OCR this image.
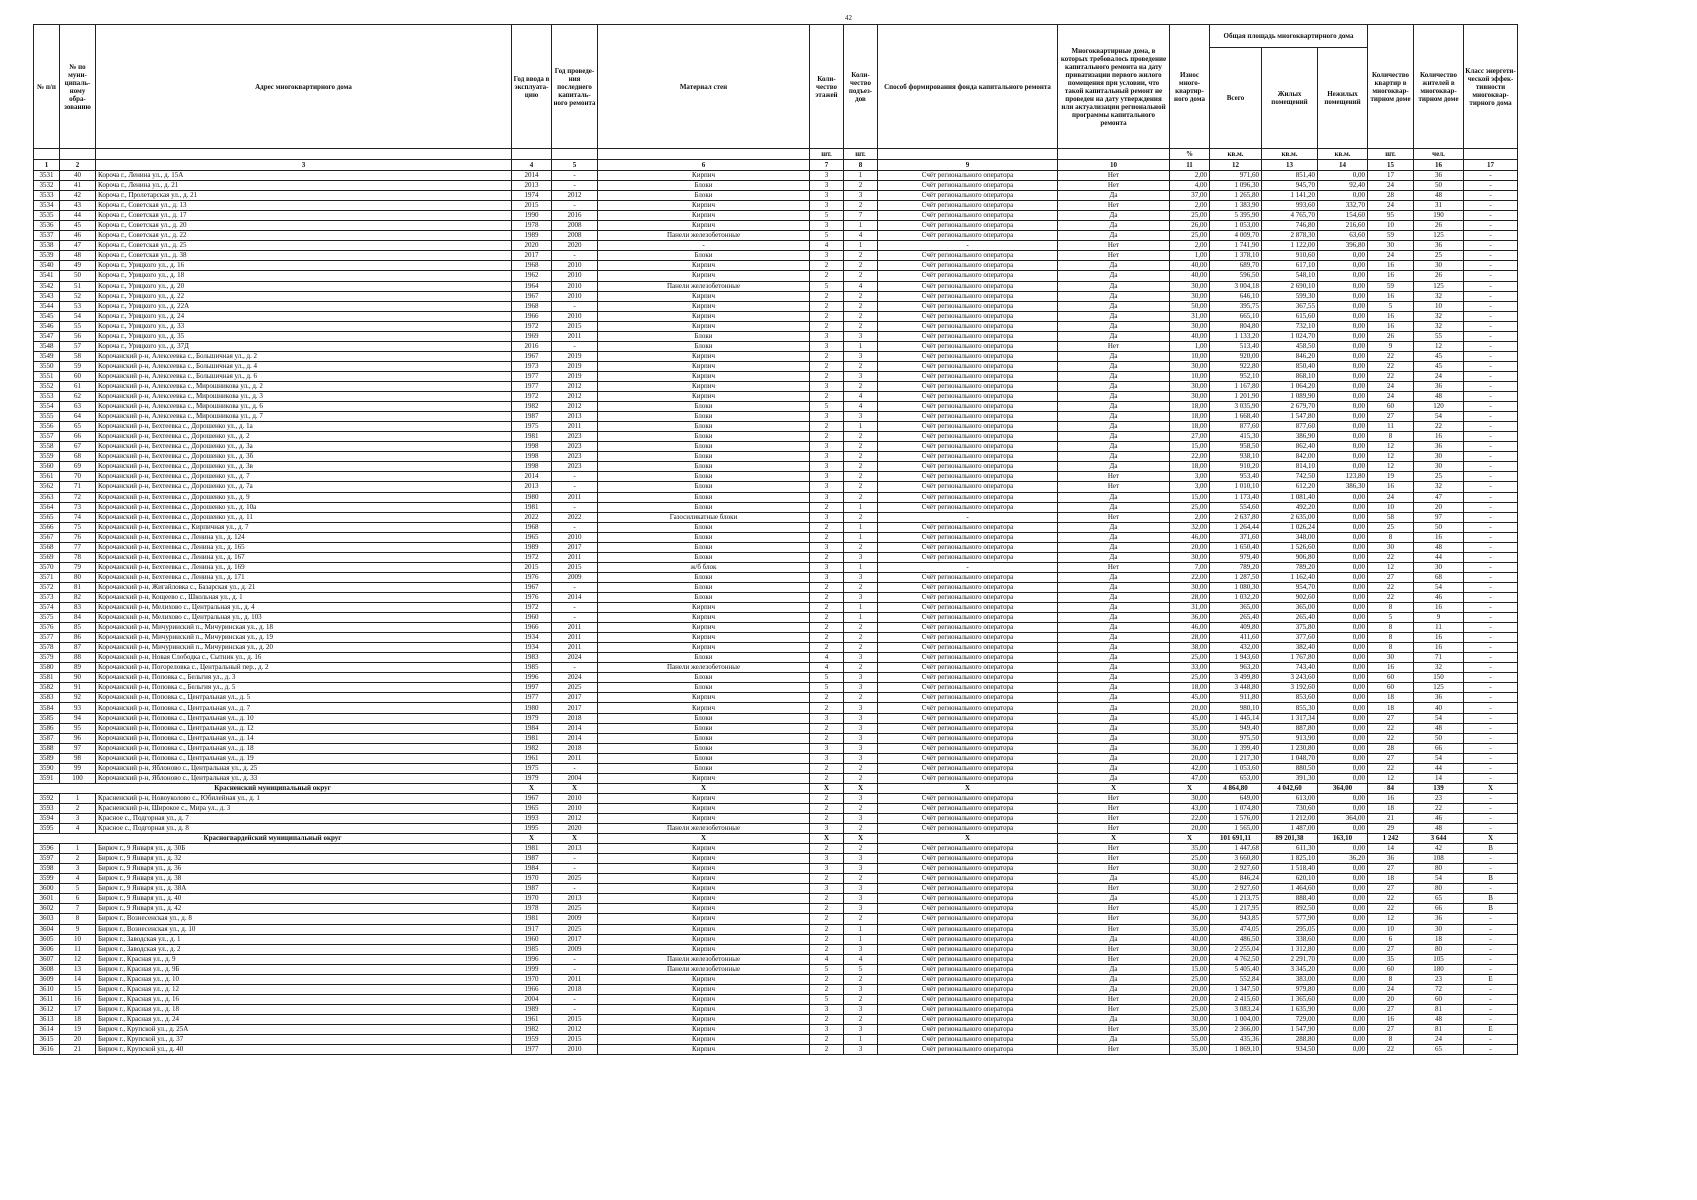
42
№ п/п	№ по муниципальному образованию	Адрес многоквартирного дома	Год ввода в эксплуатацию	Год проведения последнего капитального ремонта	Материал стен	Количество этажей	Количество подъездов	Способ формирования фонда капитального ремонта	Многоквартирные дома, в которых требовалось проведение капитального ремонта на дату приватизации первого жилого помещения при условии, что такой капитальный ремонт не проведен на дату утверждения или актуализации региональной программы капитального ремонта	Износ многоквартирного дома	Общая площадь многоквартирного дома			Количество квартир в многоквартирном доме	Количество жителей в многоквартирном доме	Класс энергетической эффективности многоквартирного дома
											Всего	Жилых помещений	Нежилых помещений			
						шт.	шт.			%	кв.м.	кв.м.	кв.м.	шт.	чел.	
1	2	3	4	5	6	7	8	9	10	11	12	13	14	15	16	17
3531	40	Короча г., Ленина ул., д. 15А	2014	-	Кирпич	3	1	Счёт регионального оператора	Нет	2,00	971,60	851,40	0,00	17	36	-
3532	41	Короча г., Ленина ул., д. 21	2013	-	Блоки	3	2	Счёт регионального оператора	Нет	4,00	1 096,30	945,70	92,40	24	50	-
3533	42	Короча г., Пролетарская ул., д. 21	1974	2012	Блоки	3	3	Счёт регионального оператора	Да	37,00	1 265,80	1 141,20	0,00	28	48	-
3534	43	Короча г., Советская ул., д. 13	2015	-	Кирпич	3	2	Счёт регионального оператора	Нет	2,00	1 383,90	993,60	332,70	24	31	-
3535	44	Короча г., Советская ул., д. 17	1990	2016	Кирпич	5	7	Счёт регионального оператора	Да	25,00	5 395,90	4 765,70	154,60	95	190	-
3536	45	Короча г., Советская ул., д. 20	1978	2008	Кирпич	3	1	Счёт регионального оператора	Да	26,00	1 053,00	746,80	216,60	10	26	-
3537	46	Короча г., Советская ул., д. 22	1989	2008	Панели железобетонные	5	4	Счёт регионального оператора	Да	25,00	4 009,70	2 878,30	63,60	59	125	-
3538	47	Короча г., Советская ул., д. 25	2020	2020	-	4	1	-	Нет	2,00	1 741,90	1 122,00	396,80	30	36	-
3539	48	Короча г., Советская ул., д. 38	2017	-	Блоки	3	2	Счёт регионального оператора	Нет	1,00	1 378,10	910,60	0,00	24	25	-
3540	49	Короча г., Урицкого ул., д. 16	1968	2010	Кирпич	2	2	Счёт регионального оператора	Да	40,00	689,70	617,10	0,00	16	30	-
3541	50	Короча г., Урицкого ул., д. 18	1962	2010	Кирпич	2	2	Счёт регионального оператора	Да	40,00	596,50	548,10	0,00	16	26	-
3542	51	Короча г., Урицкого ул., д. 20	1964	2010	Панели железобетонные	5	4	Счёт регионального оператора	Да	30,00	3 004,18	2 690,10	0,00	59	125	-
3543	52	Короча г., Урицкого ул., д. 22	1967	2010	Кирпич	2	2	Счёт регионального оператора	Да	30,00	646,10	599,30	0,00	16	32	-
3544	53	Короча г., Урицкого ул., д. 22А	1968	-	Кирпич	2	2	Счёт регионального оператора	Да	50,00	395,75	367,55	0,00	5	10	-
3545	54	Короча г., Урицкого ул., д. 24	1966	2010	Кирпич	2	2	Счёт регионального оператора	Да	31,00	665,10	615,60	0,00	16	32	-
3546	55	Короча г., Урицкого ул., д. 33	1972	2015	Кирпич	2	2	Счёт регионального оператора	Да	30,00	804,80	732,10	0,00	16	32	-
3547	56	Короча г., Урицкого ул., д. 35	1969	2011	Блоки	3	3	Счёт регионального оператора	Да	40,00	1 133,20	1 024,70	0,00	26	55	-
3548	57	Короча г., Урицкого ул., д. 37Д	2016	-	Блоки	3	1	Счёт регионального оператора	Нет	1,00	513,40	458,50	0,00	9	12	-
3549	58	Корочанский р-н, Алексеевка с., Большичная ул., д. 2	1967	2019	Кирпич	2	3	Счёт регионального оператора	Да	10,00	920,00	846,20	0,00	22	45	-
3550	59	Корочанский р-н, Алексеевка с., Большичная ул., д. 4	1973	2019	Кирпич	2	2	Счёт регионального оператора	Да	30,00	922,80	850,40	0,00	22	45	-
3551	60	Корочанский р-н, Алексеевка с., Большичная ул., д. 6	1977	2019	Кирпич	2	3	Счёт регионального оператора	Да	10,00	952,10	868,10	0,00	22	24	-
3552	61	Корочанский р-н, Алексеевка с., Мирошникова ул., д. 2	1977	2012	Кирпич	3	2	Счёт регионального оператора	Да	30,00	1 167,80	1 064,20	0,00	24	36	-
3553	62	Корочанский р-н, Алексеевка с., Мирошникова ул., д. 3	1972	2012	Кирпич	2	4	Счёт регионального оператора	Да	30,00	1 201,90	1 089,90	0,00	24	48	-
3554	63	Корочанский р-н, Алексеевка с., Мирошникова ул., д. 6	1982	2012	Блоки	5	4	Счёт регионального оператора	Да	18,00	3 035,90	2 679,70	0,00	60	120	-
3555	64	Корочанский р-н, Алексеевка с., Мирошникова ул., д. 7	1987	2013	Блоки	3	3	Счёт регионального оператора	Да	18,00	1 668,40	1 547,80	0,00	27	54	-
3556	65	Корочанский р-н, Бехтеевка с., Дорошенко ул., д. 1а	1975	2011	Блоки	2	1	Счёт регионального оператора	Да	18,00	877,60	877,60	0,00	11	22	-
3557	66	Корочанский р-н, Бехтеевка с., Дорошенко ул., д. 2	1981	2023	Блоки	2	2	Счёт регионального оператора	Да	27,00	415,30	386,90	0,00	8	16	-
3558	67	Корочанский р-н, Бехтеевка с., Дорошенко ул., д. 3а	1998	2023	Блоки	3	2	Счёт регионального оператора	Да	15,00	958,50	862,40	0,00	12	36	-
3559	68	Корочанский р-н, Бехтеевка с., Дорошенко ул., д. 3б	1998	2023	Блоки	3	2	Счёт регионального оператора	Да	22,00	938,10	842,00	0,00	12	30	-
3560	69	Корочанский р-н, Бехтеевка с., Дорошенко ул., д. 3в	1998	2023	Блоки	3	2	Счёт регионального оператора	Да	18,00	910,20	814,10	0,00	12	30	-
3561	70	Корочанский р-н, Бехтеевка с., Дорошенко ул., д. 7	2014	-	Блоки	3	2	Счёт регионального оператора	Нет	3,00	953,40	742,50	123,80	19	25	-
3562	71	Корочанский р-н, Бехтеевка с., Дорошенко ул., д. 7а	2013	-	Блоки	3	2	Счёт регионального оператора	Нет	3,00	1 010,10	612,20	386,30	16	32	-
3563	72	Корочанский р-н, Бехтеевка с., Дорошенко ул., д. 9	1980	2011	Блоки	3	2	Счёт регионального оператора	Да	15,00	1 173,40	1 081,40	0,00	24	47	-
3564	73	Корочанский р-н, Бехтеевка с., Дорошенко ул., д. 10а	1981	-	Блоки	2	1	Счёт регионального оператора	Да	25,00	554,60	492,20	0,00	10	20	-
3565	74	Корочанский р-н, Бехтеевка с., Дорошенко ул., д. 11	2022	2022	Газосиликатные блоки	3	2	-	Нет	2,00	2 637,80	2 635,00	0,00	58	97	-
3566	75	Корочанский р-н, Бехтеевка с., Кирпичная ул., д. 7	1968	-	Блоки	2	1	Счёт регионального оператора	Да	32,00	1 264,44	1 026,24	0,00	25	50	-
3567	76	Корочанский р-н, Бехтеевка с., Ленина ул., д. 124	1965	2010	Блоки	2	1	Счёт регионального оператора	Да	46,00	371,60	348,00	0,00	8	16	-
3568	77	Корочанский р-н, Бехтеевка с., Ленина ул., д. 165	1989	2017	Блоки	3	2	Счёт регионального оператора	Да	20,00	1 650,40	1 526,60	0,00	30	48	-
3569	78	Корочанский р-н, Бехтеевка с., Ленина ул., д. 167	1972	2011	Блоки	2	3	Счёт регионального оператора	Да	30,00	979,40	906,80	0,00	22	44	-
3570	79	Корочанский р-н, Бехтеевка с., Ленина ул., д. 169	2015	2015	ж/б блок	3	1	-	Нет	7,00	789,20	789,20	0,00	12	30	-
3571	80	Корочанский р-н, Бехтеевка с., Ленина ул., д. 171	1976	2009	Блоки	3	3	Счёт регионального оператора	Да	22,00	1 287,50	1 162,40	0,00	27	68	-
3572	81	Корочанский р-н, Жигайловка с., Базарская ул., д. 21	1967	-	Блоки	2	2	Счёт регионального оператора	Да	30,00	1 080,30	954,70	0,00	22	54	-
3573	82	Корочанский р-н, Кощеево с., Школьная ул., д. 1	1976	2014	Блоки	2	3	Счёт регионального оператора	Да	28,00	1 032,20	902,60	0,00	22	46	-
3574	83	Корочанский р-н, Мелихово с., Центральная ул., д. 4	1972	-	Кирпич	2	1	Счёт регионального оператора	Да	31,00	365,00	365,00	0,00	8	16	-
3575	84	Корочанский р-н, Мелихово с., Центральная ул., д. 103	1960	-	Кирпич	2	1	Счёт регионального оператора	Да	36,00	265,40	265,40	0,00	5	9	-
3576	85	Корочанский р-н, Мичуринский п., Мичуринская ул., д. 18	1966	2011	Кирпич	2	2	Счёт регионального оператора	Да	46,00	409,80	375,80	0,00	8	11	-
3577	86	Корочанский р-н, Мичуринский п., Мичуринская ул., д. 19	1934	2011	Кирпич	2	2	Счёт регионального оператора	Да	28,00	411,60	377,60	0,00	8	16	-
3578	87	Корочанский р-н, Мичуринский п., Мичуринская ул., д. 20	1934	2011	Кирпич	2	2	Счёт регионального оператора	Да	38,00	432,00	382,40	0,00	8	16	-
3579	88	Корочанский р-н, Новая Слободка с., Сытник ул., д. 16	1983	2024	Блоки	4	3	Счёт регионального оператора	Да	25,00	1 943,60	1 767,80	0,00	30	71	-
3580	89	Корочанский р-н, Погореловка с., Центральный пер., д. 2	1985	-	Панели железобетонные	4	2	Счёт регионального оператора	Да	33,00	963,20	743,40	0,00	16	32	-
3581	90	Корочанский р-н, Поповка с., Бельгия ул., д. 3	1996	2024	Блоки	5	3	Счёт регионального оператора	Да	25,00	3 499,80	3 243,60	0,00	60	150	-
3582	91	Корочанский р-н, Поповка с., Бельгия ул., д. 5	1997	2025	Блоки	5	3	Счёт регионального оператора	Да	18,00	3 448,80	3 192,60	0,00	60	125	-
3583	92	Корочанский р-н, Поповка с., Центральная ул., д. 5	1977	2017	Кирпич	2	2	Счёт регионального оператора	Да	45,00	911,80	853,60	0,00	18	36	-
3584	93	Корочанский р-н, Поповка с., Центральная ул., д. 7	1980	2017	Кирпич	2	3	Счёт регионального оператора	Да	20,00	980,10	855,30	0,00	18	40	-
3585	94	Корочанский р-н, Поповка с., Центральная ул., д. 10	1979	2018	Блоки	3	3	Счёт регионального оператора	Да	45,00	1 445,14	1 317,34	0,00	27	54	-
3586	95	Корочанский р-н, Поповка с., Центральная ул., д. 12	1984	2014	Блоки	2	3	Счёт регионального оператора	Да	35,00	949,40	887,80	0,00	22	48	-
3587	96	Корочанский р-н, Поповка с., Центральная ул., д. 14	1981	2014	Блоки	2	3	Счёт регионального оператора	Да	30,00	975,50	913,90	0,00	22	50	-
3588	97	Корочанский р-н, Поповка с., Центральная ул., д. 18	1982	2018	Блоки	3	3	Счёт регионального оператора	Да	36,00	1 399,40	1 230,80	0,00	28	66	-
3589	98	Корочанский р-н, Поповка с., Центральная ул., д. 19	1961	2011	Блоки	3	3	Счёт регионального оператора	Да	20,00	1 217,30	1 048,70	0,00	27	54	-
3590	99	Корочанский р-н, Яблоново с., Центральная ул., д. 25	1975	-	Блоки	2	2	Счёт регионального оператора	Да	42,00	1 053,60	880,50	0,00	22	44	-
3591	100	Корочанский р-н, Яблоново с., Центральная ул., д. 33	1979	2004	Кирпич	2	2	Счёт регионального оператора	Да	47,00	653,00	391,30	0,00	12	14	-
Красненский муниципальный округ			X	X	X	X	X	X	X	X	4 864,80	4 042,60	364,00	84	139	X
3592	1	Красненский р-н, Новоуколово с., Юбилейная ул., д. 1	1967	2010	Кирпич	2	3	Счёт регионального оператора	Нет	30,00	649,00	613,00	0,00	16	23	-
3593	2	Красненский р-н, Широкое с., Мира ул., д. 3	1965	2010	Кирпич	2	2	Счёт регионального оператора	Нет	43,00	1 074,80	730,60	0,00	18	22	-
3594	3	Красное с., Подгорная ул., д. 7	1993	2012	Кирпич	2	3	Счёт регионального оператора	Нет	22,00	1 576,00	1 212,00	364,00	21	46	-
3595	4	Красное с., Подгорная ул., д. 8	1995	2020	Панели железобетонные	3	2	Счёт регионального оператора	Нет	20,00	1 565,00	1 487,00	0,00	29	48	-
Красногвардейский муниципальный округ			X	X	X	X	X	X	X	X	101 691,11	89 201,38	163,10	1 242	3 644	X
3596	1	Бирюч г., 9 Января ул., д. 30Б	1981	2013	Кирпич	2	2	Счёт регионального оператора	Нет	35,00	1 447,68	611,30	0,00	14	42	В
3597	2	Бирюч г., 9 Января ул., д. 32	1987	-	Кирпич	3	3	Счёт регионального оператора	Нет	25,00	3 660,80	1 825,10	36,20	36	108	-
3598	3	Бирюч г., 9 Января ул., д. 36	1984	-	Кирпич	3	3	Счёт регионального оператора	Нет	30,00	2 927,60	1 518,40	0,00	27	80	-
3599	4	Бирюч г., 9 Января ул., д. 38	1970	2025	Кирпич	2	2	Счёт регионального оператора	Да	45,00	846,24	620,10	0,00	18	54	В
3600	5	Бирюч г., 9 Января ул., д. 38А	1987	-	Кирпич	3	3	Счёт регионального оператора	Нет	30,00	2 927,60	1 464,60	0,00	27	80	-
3601	6	Бирюч г., 9 Января ул., д. 40	1970	2013	Кирпич	2	3	Счёт регионального оператора	Да	45,00	1 213,75	888,40	0,00	22	65	В
3602	7	Бирюч г., 9 Января ул., д. 42	1978	2025	Кирпич	2	3	Счёт регионального оператора	Нет	45,00	1 217,95	892,50	0,00	22	66	В
3603	8	Бирюч г., Вознесенская ул., д. 8	1981	2009	Кирпич	2	2	Счёт регионального оператора	Нет	36,00	943,85	577,90	0,00	12	36	-
3604	9	Бирюч г., Вознесенская ул., д. 10	1917	2025	Кирпич	2	1	Счёт регионального оператора	Нет	35,00	474,05	295,05	0,00	10	30	-
3605	10	Бирюч г., Заводская ул., д. 1	1960	2017	Кирпич	2	1	Счёт регионального оператора	Да	40,00	486,50	338,60	0,00	6	18	-
3606	11	Бирюч г., Заводская ул., д. 2	1985	2009	Кирпич	2	3	Счёт регионального оператора	Нет	30,00	2 255,04	1 312,80	0,00	27	80	-
3607	12	Бирюч г., Красная ул., д. 9	1996	-	Панели железобетонные	4	4	Счёт регионального оператора	Нет	20,00	4 762,50	2 291,70	0,00	35	105	-
3608	13	Бирюч г., Красная ул., д. 9Б	1999	-	Панели железобетонные	5	5	Счёт регионального оператора	Да	15,00	5 405,40	3 345,20	0,00	60	180	-
3609	14	Бирюч г., Красная ул., д. 10	1970	2011	Кирпич	2	2	Счёт регионального оператора	Да	25,00	552,84	383,00	0,00	8	23	Е
3610	15	Бирюч г., Красная ул., д. 12	1966	2018	Кирпич	2	3	Счёт регионального оператора	Да	20,00	1 347,50	979,80	0,00	24	72	-
3611	16	Бирюч г., Красная ул., д. 16	2004	-	Кирпич	5	2	Счёт регионального оператора	Нет	20,00	2 415,60	1 365,60	0,00	20	60	-
3612	17	Бирюч г., Красная ул., д. 18	1989	-	Кирпич	3	3	Счёт регионального оператора	Нет	25,00	3 083,24	1 635,90	0,00	27	81	-
3613	18	Бирюч г., Красная ул., д. 24	1961	2015	Кирпич	2	2	Счёт регионального оператора	Да	30,00	1 004,00	729,00	0,00	16	48	-
3614	19	Бирюч г., Крупской ул., д. 25А	1982	2012	Кирпич	3	3	Счёт регионального оператора	Нет	35,00	2 366,00	1 547,90	0,00	27	81	Е
3615	20	Бирюч г., Крупской ул., д. 37	1959	2015	Кирпич	2	1	Счёт регионального оператора	Да	55,00	435,36	288,80	0,00	8	24	-
3616	21	Бирюч г., Крупской ул., д. 40	1977	2010	Кирпич	2	3	Счёт регионального оператора	Нет	35,00	1 869,10	934,50	0,00	22	65	-
